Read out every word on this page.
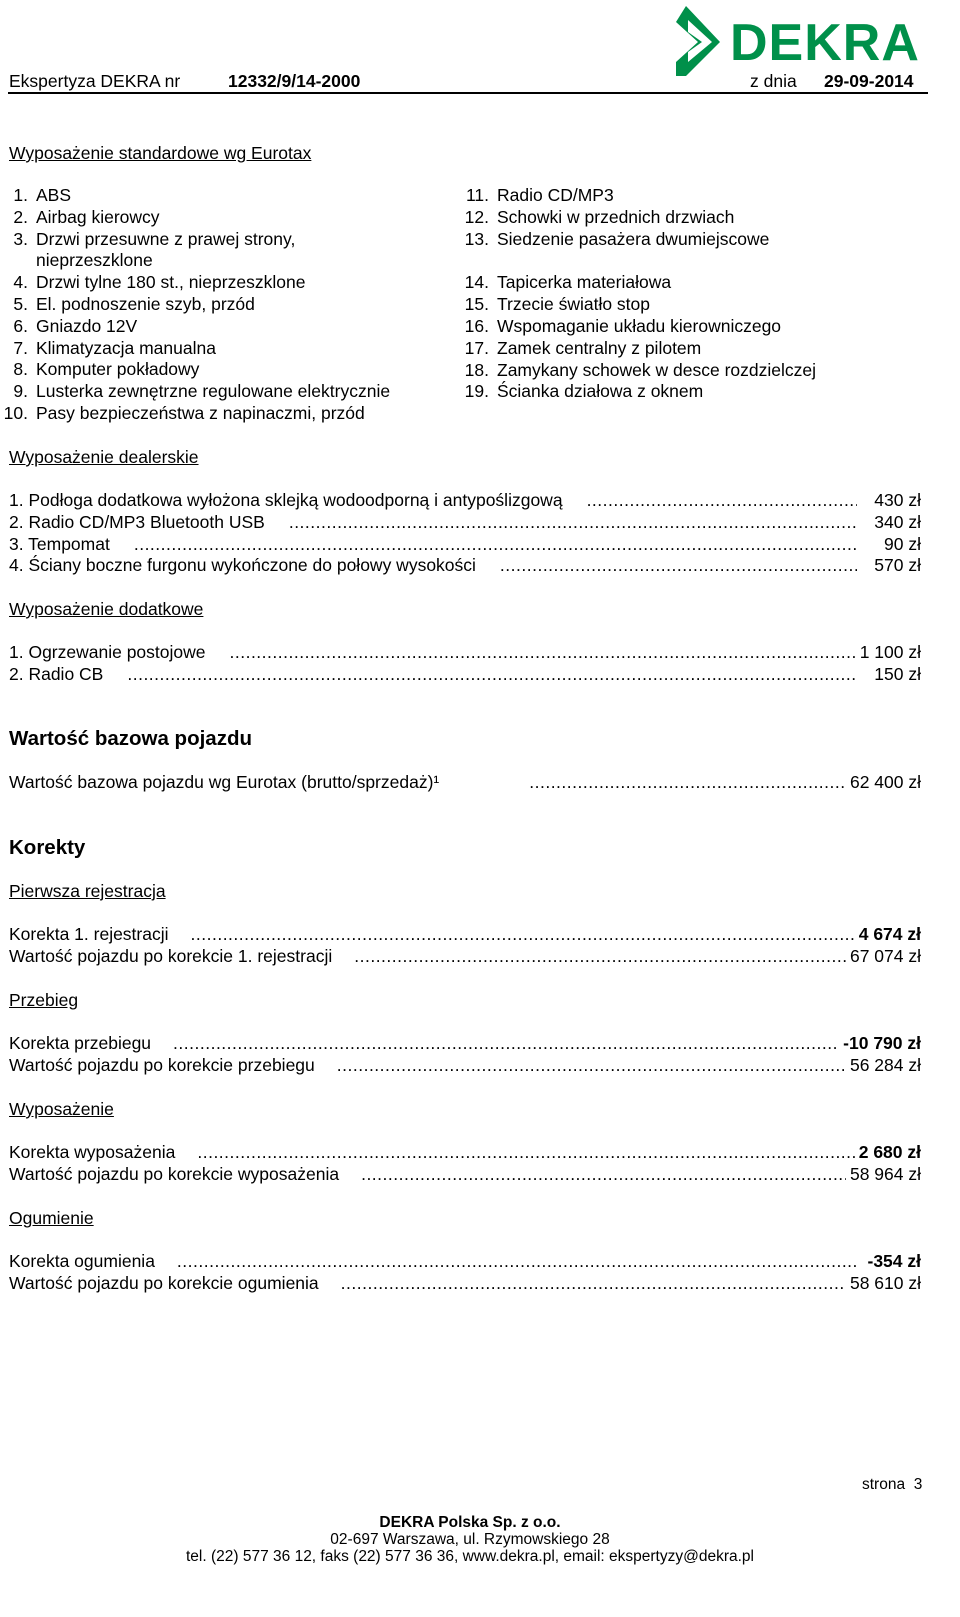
Ekspertyza DEKRA nr	12332/9/14-2000	z dnia 29-09-2014
DEKRA
Wyposażenie standardowe wg Eurotax
1. ABS
2. Airbag kierowcy
3. Drzwi przesuwne z prawej strony,
nieprzeszklone
4. Drzwi tylne 180 st., nieprzeszklone
5. El. podnoszenie szyb, przód
6. Gniazdo 12V
7. Klimatyzacja manualna
8. Komputer pokładowy
9. Lusterka zewnętrzne regulowane elektrycznie
10. Pasy bezpieczeństwa z napinaczmi, przód
11. Radio CD/MP3
12. Schowki w przednich drzwiach
13. Siedzenie pasażera dwumiejscowe
14. Tapicerka materiałowa
15. Trzecie światło stop
16. Wspomaganie układu kierowniczego
17. Zamek centralny z pilotem
18. Zamykany schowek w desce rozdzielczej
19. Ścianka działowa z oknem
Wyposażenie dealerskie
1. Podłoga dodatkowa wyłożona sklejką wodoodporną i antypoślizgową .....	430 zł
2. Radio CD/MP3 Bluetooth USB .....	340 zł
3. Tempomat .....	90 zł
4. Ściany boczne furgonu wykończone do połowy wysokości .....	570 zł
Wyposażenie dodatkowe
1. Ogrzewanie postojowe .....	1 100 zł
2. Radio CB .....	150 zł
Wartość bazowa pojazdu
Wartość bazowa pojazdu wg Eurotax (brutto/sprzedaż)¹ .....	62 400 zł
Korekty
Pierwsza rejestracja
Korekta 1. rejestracji .....	4 674 zł
Wartość pojazdu po korekcie 1. rejestracji .....	67 074 zł
Przebieg
Korekta przebiegu .....	-10 790 zł
Wartość pojazdu po korekcie przebiegu .....	56 284 zł
Wyposażenie
Korekta wyposażenia .....	2 680 zł
Wartość pojazdu po korekcie wyposażenia .....	58 964 zł
Ogumienie
Korekta ogumienia .....	-354 zł
Wartość pojazdu po korekcie ogumienia .....	58 610 zł
strona 3
DEKRA Polska Sp. z o.o.
02-697 Warszawa, ul. Rzymowskiego 28
tel. (22) 577 36 12, faks (22) 577 36 36, www.dekra.pl, email: ekspertyzy@dekra.pl
